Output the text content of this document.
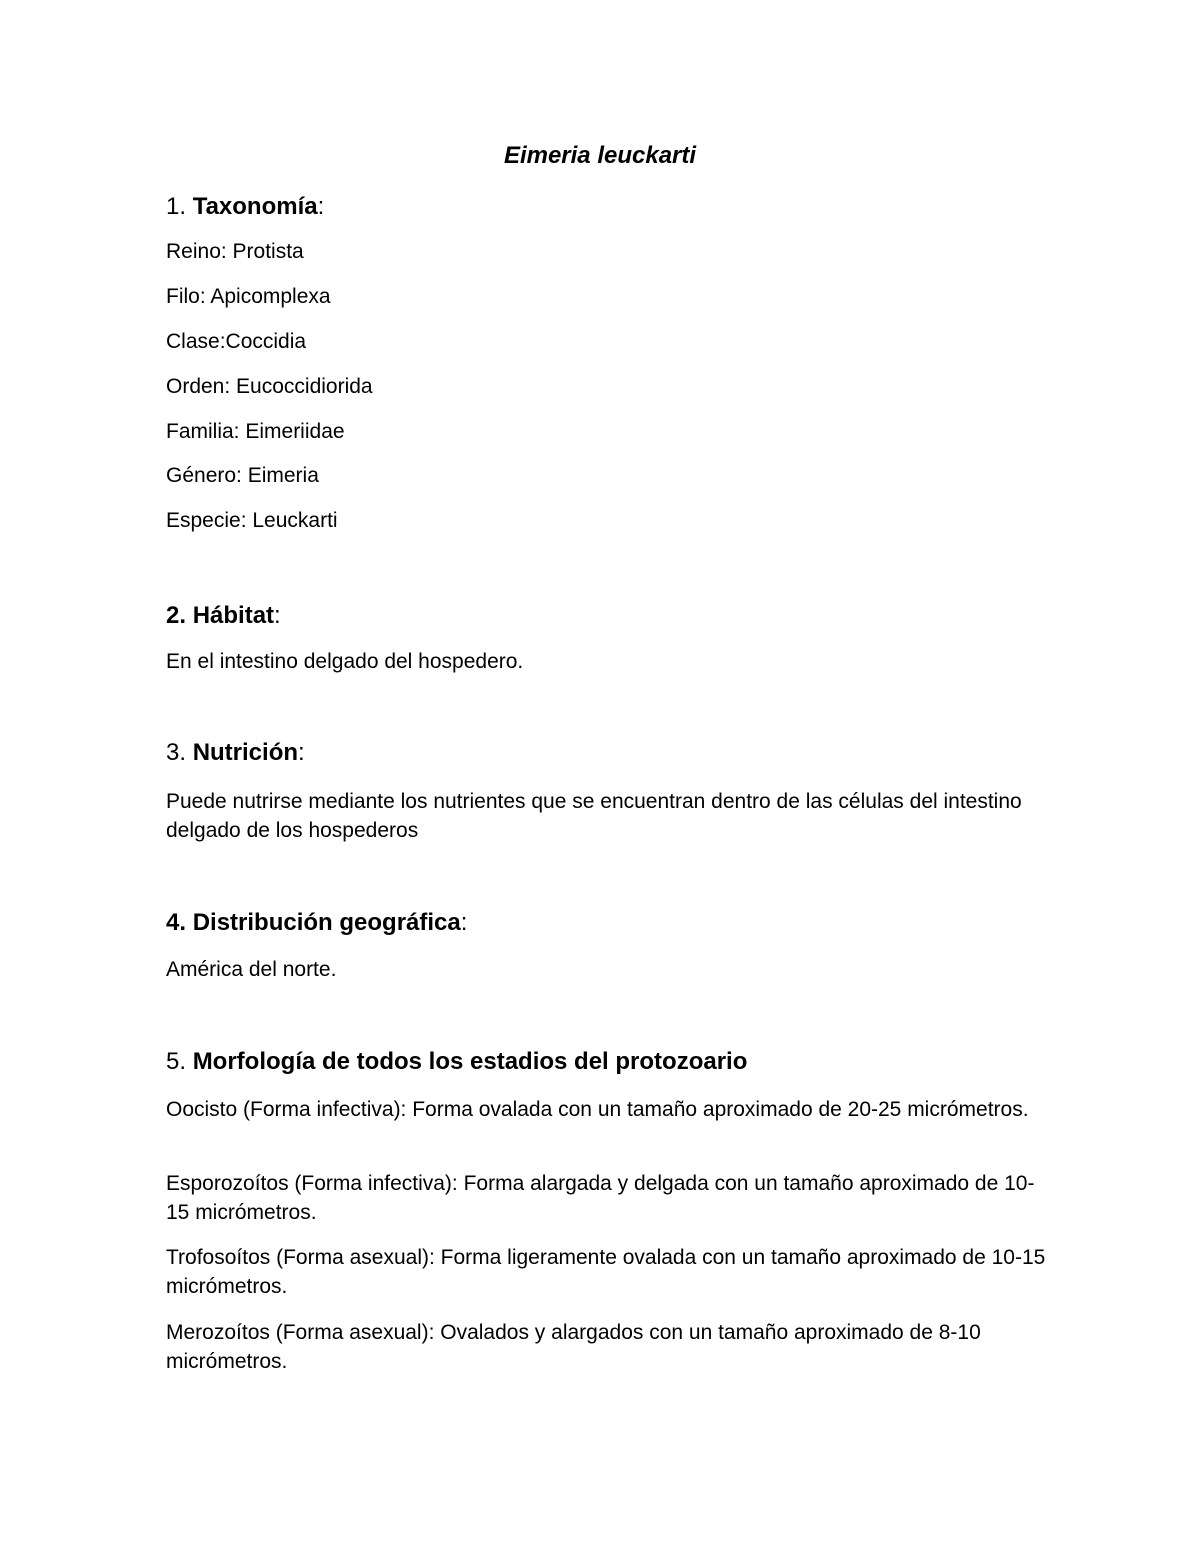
Eimeria leuckarti
1. Taxonomía:
Reino: Protista
Filo: Apicomplexa
Clase:Coccidia
Orden: Eucoccidiorida
Familia: Eimeriidae
Género: Eimeria
Especie: Leuckarti
2. Hábitat:
En el intestino delgado del hospedero.
3. Nutrición:
Puede nutrirse mediante los nutrientes que se encuentran dentro de las células del intestino delgado de los hospederos
4. Distribución geográfica:
América del norte.
5. Morfología de todos los estadios del protozoario
Oocisto (Forma infectiva): Forma ovalada con un tamaño aproximado de 20-25 micrómetros.
Esporozoítos (Forma infectiva): Forma alargada y delgada con un tamaño aproximado de 10-15 micrómetros.
Trofosoítos (Forma asexual): Forma ligeramente ovalada con un tamaño aproximado de 10-15 micrómetros.
Merozoítos (Forma asexual): Ovalados y alargados con un tamaño aproximado de 8-10 micrómetros.
